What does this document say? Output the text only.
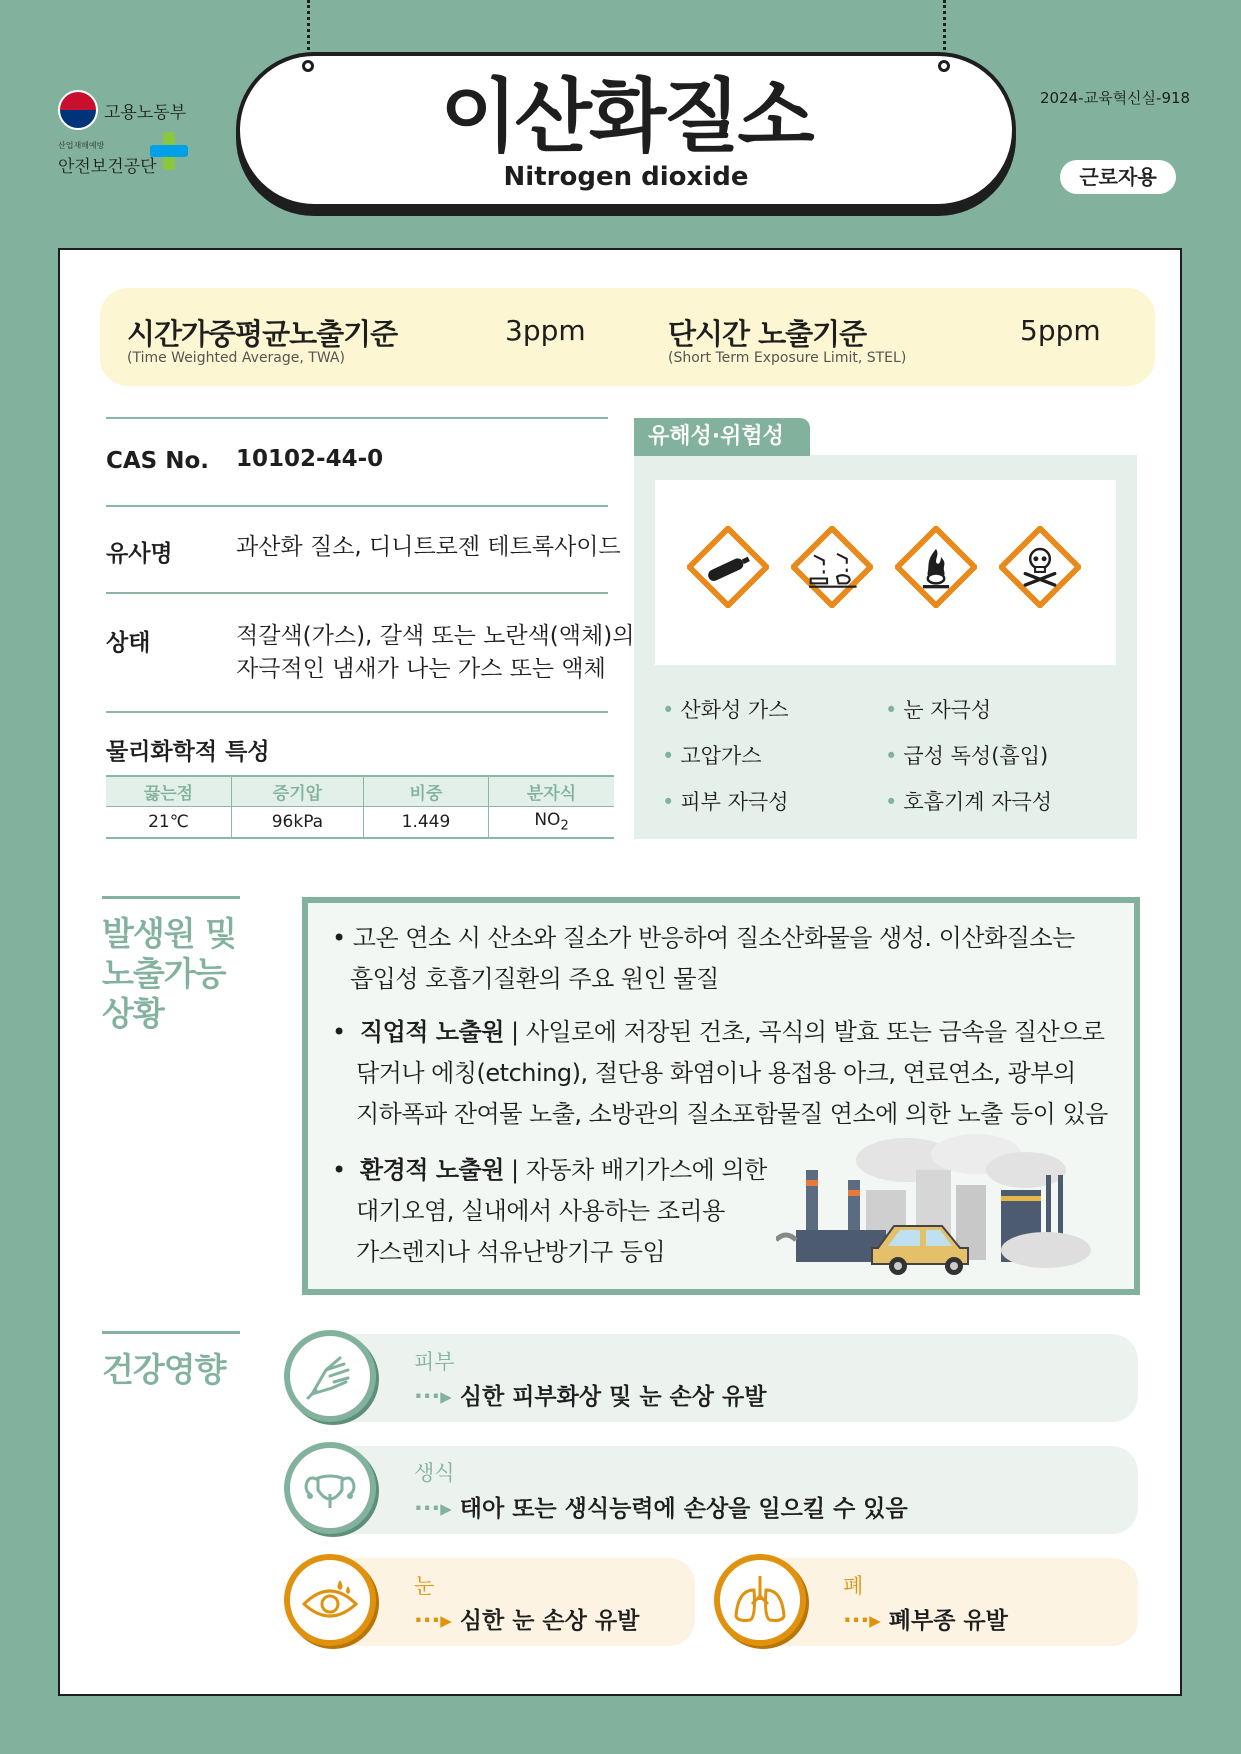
이산화질소
Nitrogen dioxide
고용노동부
산업재해예방
안전보건공단
2024-교육혁신실-918
근로자용
시간가중평균노출기준
(Time Weighted Average, TWA)
3ppm	단시간 노출기준
(Short Term Exposure Limit, STEL)
5ppm
CAS No. 10102-44-0
유사명	과산화 질소, 디니트로젠 테트록사이드
상태	적갈색(가스), 갈색 또는 노란색(액체)의
자극적인 냄새가 나는 가스 또는 액체
물리화학적 특성
끓는점	증기압	비중	분자식
21℃	96kPa	1.449	$NO_2$
유해성·위험성
• 산화성 가스
• 고압가스
• 피부 자극성
• 눈 자극성
• 급성 독성(흡입)
• 호흡기계 자극성
발생원 및
노출가능
상황
• 고온 연소 시 산소와 질소가 반응하여 질소산화물을 생성. 이산화질소는
흡입성 호흡기질환의 주요 원인 물질
•  직업적 노출원 | 사일로에 저장된 건초, 곡식의 발효 또는 금속을 질산으로
닦거나 에칭(etching), 절단용 화염이나 용접용 아크, 연료연소, 광부의
지하폭파 잔여물 노출, 소방관의 질소포함물질 연소에 의한 노출 등이 있음
•  환경적 노출원 | 자동차 배기가스에 의한
대기오염, 실내에서 사용하는 조리용
가스렌지나 석유난방기구 등임
건강영향	피부
···▸ 심한 피부화상 및 눈 손상 유발
생식
···▸ 태아 또는 생식능력에 손상을 일으킬 수 있음
눈
···▸ 심한 눈 손상 유발
폐
···▸ 폐부종 유발
